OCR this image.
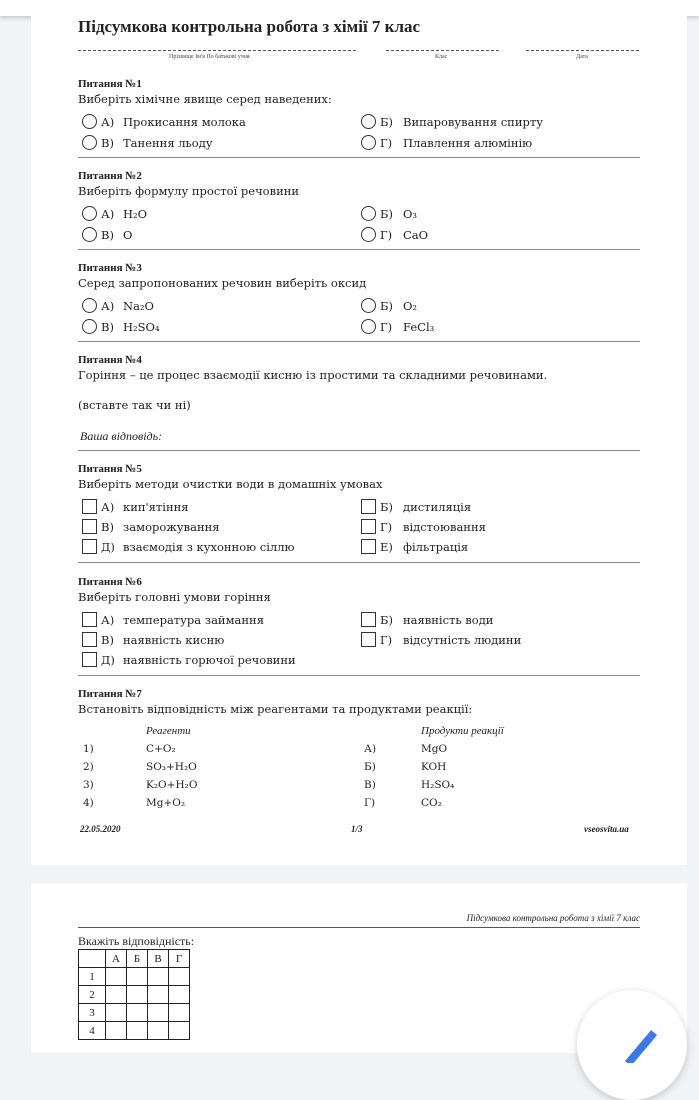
Підсумкова контрольна робота з хімії 7 клас
Прізвище Ім'я По батькові учня	Клас	Дата
Питання №1
Виберіть хімічне явище серед наведених:
А) Прокисання молока	Б) Випаровування спирту
В) Танення льоду	Г) Плавлення алюмінію
Питання №2
Виберіть формулу простої речовини
А) H₂O	Б) O₃
В) O	Г) CaO
Питання №3
Серед запропонованих речовин виберіть оксид
А) Na₂O	Б) O₂
В) H₂SO₄	Г) FeCl₃
Питання №4
Горіння – це процес взаємодії кисню із простими та складними речовинами.
(вставте так чи ні)
Ваша відповідь:
Питання №5
Виберіть методи очистки води в домашніх умовах
А) кип'ятіння	Б) дистиляція
В) заморожування	Г) відстоювання
Д) взаємодія з кухонною сіллю	Е) фільтрація
Питання №6
Виберіть головні умови горіння
А) температура займання	Б) наявність води
В) наявність кисню	Г) відсутність людини
Д) наявність горючої речовини
Питання №7
Встановіть відповідність між реагентами та продуктами реакції:
Реагенти	Продукти реакції
1)	C+O₂	А)	MgO
2)	SO₃+H₂O	Б)	KOH
3)	K₂O+H₂O	В)	H₂SO₄
4)	Mg+O₂	Г)	CO₂
22.05.2020	1/3	vseosvita.ua
Підсумкова контрольна робота з хімії 7 клас
Вкажіть відповідність:
	А	Б	В	Г
1				
2				
3				
4				
